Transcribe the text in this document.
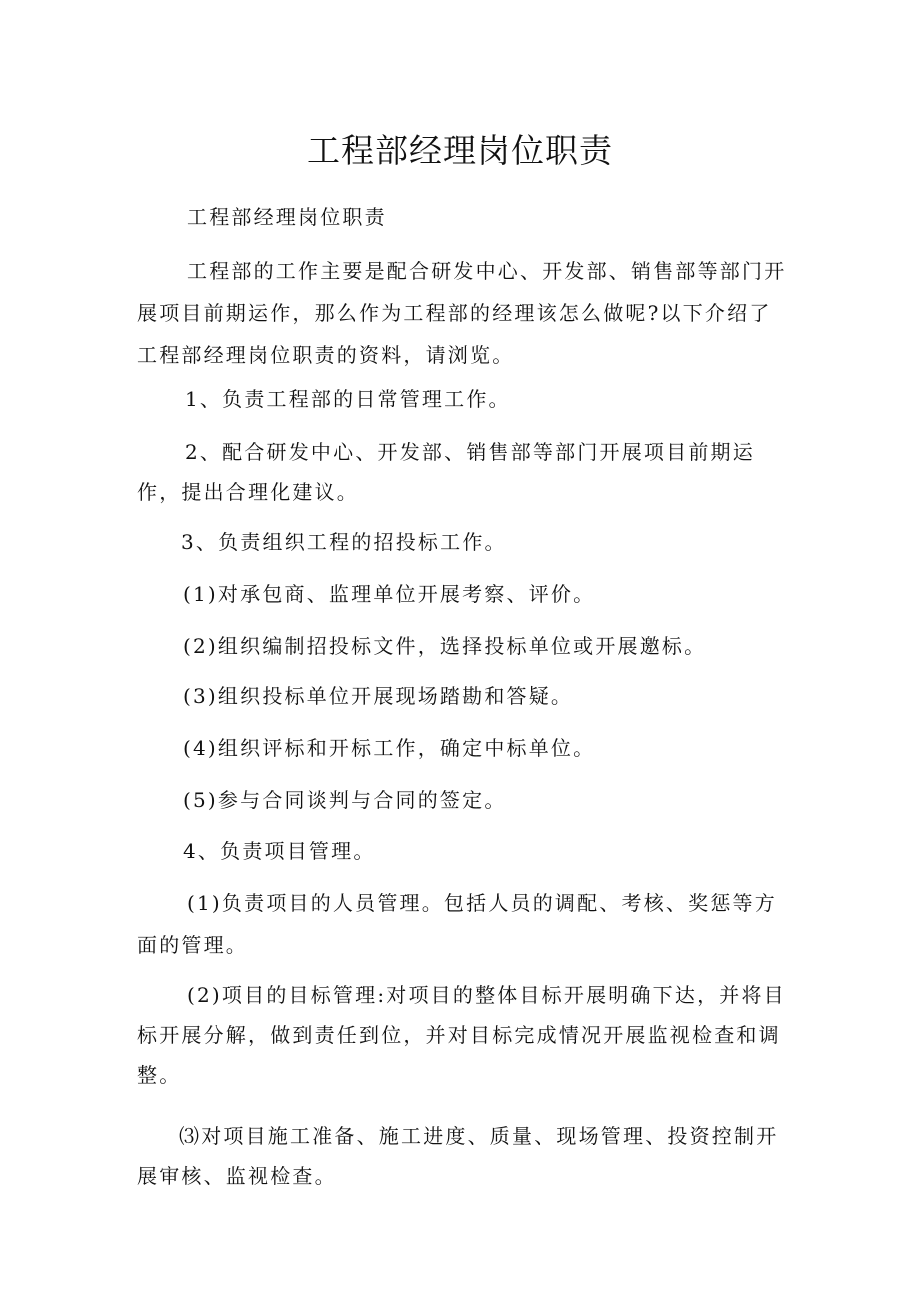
工程部经理岗位职责

工程部经理岗位职责

工程部的工作主要是配合研发中心、开发部、销售部等部门开展项目前期运作，那么作为工程部的经理该怎么做呢?以下介绍了工程部经理岗位职责的资料，请浏览。

1、负责工程部的日常管理工作。

2、配合研发中心、开发部、销售部等部门开展项目前期运作，提出合理化建议。

3、负责组织工程的招投标工作。

(1)对承包商、监理单位开展考察、评价。

(2)组织编制招投标文件，选择投标单位或开展邀标。

(3)组织投标单位开展现场踏勘和答疑。

(4)组织评标和开标工作，确定中标单位。

(5)参与合同谈判与合同的签定。

4、负责项目管理。

(1)负责项目的人员管理。包括人员的调配、考核、奖惩等方面的管理。

(2)项目的目标管理:对项目的整体目标开展明确下达，并将目标开展分解，做到责任到位，并对目标完成情况开展监视检查和调整。

⑶对项目施工准备、施工进度、质量、现场管理、投资控制开展审核、监视检查。
